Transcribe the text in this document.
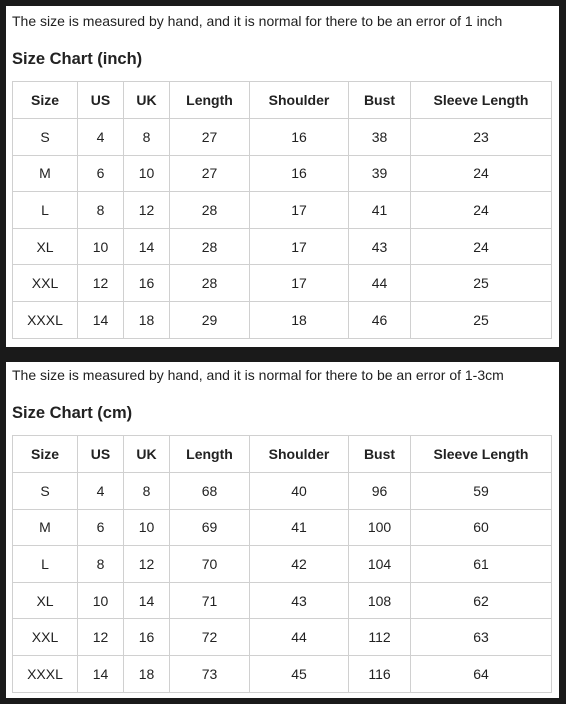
The size is measured by hand, and it is normal for there to be an error of 1 inch
Size Chart (inch)
Size	US	UK	Length	Shoulder	Bust	Sleeve Length
S	4	8	27	16	38	23
M	6	10	27	16	39	24
L	8	12	28	17	41	24
XL	10	14	28	17	43	24
XXL	12	16	28	17	44	25
XXXL	14	18	29	18	46	25
The size is measured by hand, and it is normal for there to be an error of 1-3cm
Size Chart (cm)
Size	US	UK	Length	Shoulder	Bust	Sleeve Length
S	4	8	68	40	96	59
M	6	10	69	41	100	60
L	8	12	70	42	104	61
XL	10	14	71	43	108	62
XXL	12	16	72	44	112	63
XXXL	14	18	73	45	116	64
